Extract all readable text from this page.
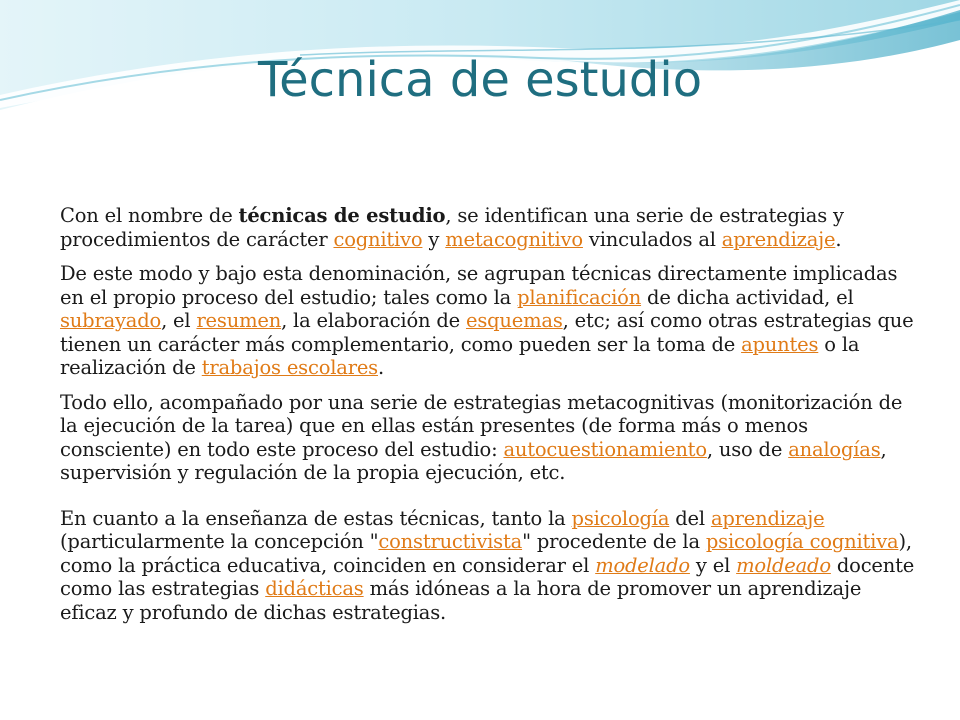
Técnica de estudio

Con el nombre de técnicas de estudio, se identifican una serie de estrategias y procedimientos de carácter cognitivo y metacognitivo vinculados al aprendizaje.

De este modo y bajo esta denominación, se agrupan técnicas directamente implicadas en el propio proceso del estudio; tales como la planificación de dicha actividad, el subrayado, el resumen, la elaboración de esquemas, etc; así como otras estrategias que tienen un carácter más complementario, como pueden ser la toma de apuntes o la realización de trabajos escolares.

Todo ello, acompañado por una serie de estrategias metacognitivas (monitorización de la ejecución de la tarea) que en ellas están presentes (de forma más o menos consciente) en todo este proceso del estudio: autocuestionamiento, uso de analogías, supervisión y regulación de la propia ejecución, etc.

En cuanto a la enseñanza de estas técnicas, tanto la psicología del aprendizaje (particularmente la concepción "constructivista" procedente de la psicología cognitiva), como la práctica educativa, coinciden en considerar el modelado y el moldeado docente como las estrategias didácticas más idóneas a la hora de promover un aprendizaje eficaz y profundo de dichas estrategias.
